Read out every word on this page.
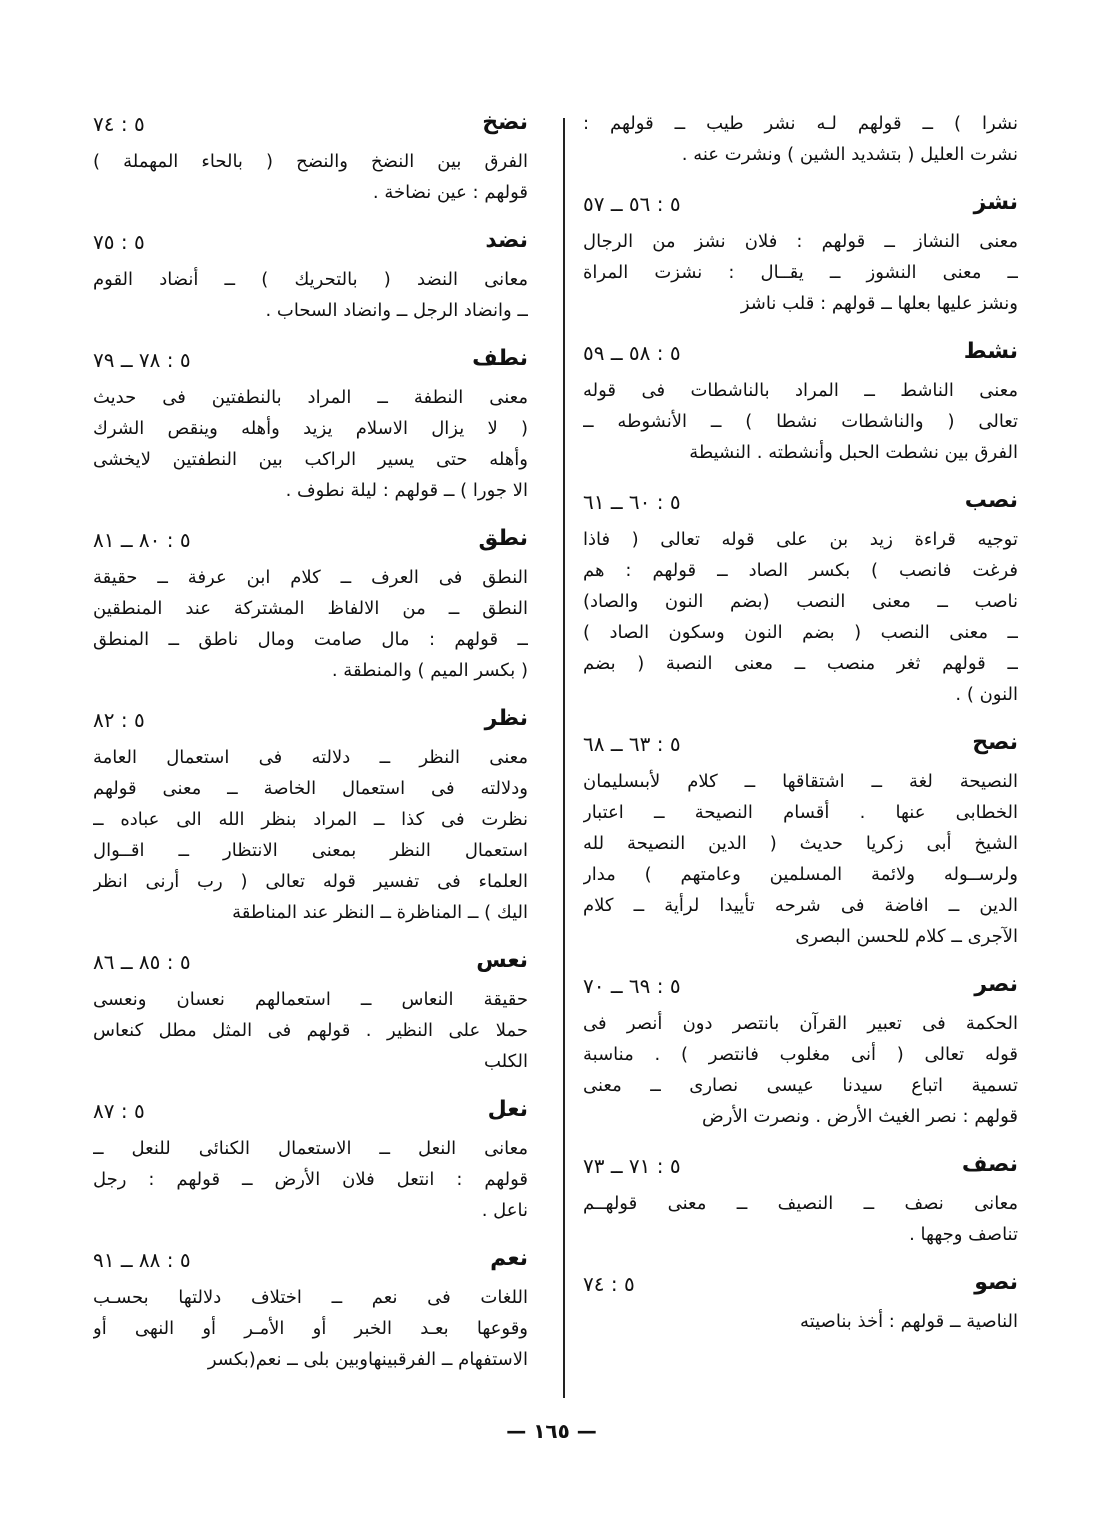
نشرا ) ــ قولهم لـه نشر طيب ــ قولهم :
نشرت العليل ( بتشديد الشين ) ونشرت عنه .
نشز
٥ : ٥٦ ــ ٥٧
معنى النشاز ــ قولهم : فلان نشز من الرجال
ــ معنى النشوز ــ يقــال : نشزت المراة
ونشز عليها بعلها ــ قولهم : قلب ناشز
نشط
٥ : ٥٨ ــ ٥٩
معنى الناشط ــ المراد بالناشطات فى قوله
تعالى ( والناشطات نشطا ) ــ الأنشوطه ــ
الفرق بين نشطت الحبل وأنشطته . النشيطة
نصب
٥ : ٦٠ ــ ٦١
توجيه قراءة زيد بن على قوله تعالى ( فاذا
فرغت فانصب ) بكسر الصاد ــ قولهم : هم
ناصب ــ معنى النصب (بضم النون والصاد)
ــ معنى النصب ( بضم النون وسكون الصاد )
ــ قولهم ثغر منصب ــ معنى النصبة ( بضم
النون ) .
نصح
٥ : ٦٣ ــ ٦٨
النصيحة لغة ــ اشتقاقها ــ كلام لأبىسليمان
الخطابى عنها . أقسام النصيحة ــ اعتبار
الشيخ أبى زكريا حديث ( الدين النصيحة لله
ولرســوله ولائمة المسلمين وعامتهم ) مدار
الدين ــ افاضة فى شرحه تأييدا لرأية ــ كلام
الآجرى ــ كلام للحسن البصرى
نصر
٥ : ٦٩ ــ ٧٠
الحكمة فى تعبير القرآن بانتصر دون أنصر فى
قوله تعالى ( أنى مغلوب فانتصر ) . مناسبة
تسمية اتباع سيدنا عيسى نصارى ــ معنى
قولهم : نصر الغيث الأرض . ونصرت الأرض
نصف
٥ : ٧١ ــ ٧٣
معانى نصف ــ النصيف ــ معنى قولهــم
تناصف وجهها .
نصو
٥ : ٧٤
الناصية ــ قولهم : أخذ بناصيته
نضخ
٥ : ٧٤
الفرق بين النضخ والنضح ( بالحاء المهملة )
قولهم : عين نضاخة .
نضد
٥ : ٧٥
معانى النضد ( بالتحريك ) ــ أنضاد القوم
ــ وانضاد الرجل ــ وانضاد السحاب .
نطف
٥ : ٧٨ ــ ٧٩
معنى النطفة ــ المراد بالنطفتين فى حديث
( لا يزال الاسلام يزيد وأهله وينقص الشرك
وأهله حتى يسير الراكب بين النطفتين لايخشى
الا جورا ) ــ قولهم : ليلة نطوف .
نطق
٥ : ٨٠ ــ ٨١
النطق فى العرف ــ كلام ابن عرفة ــ حقيقة
النطق ــ من الالفاظ المشتركة عند المنطقين
ــ قولهم : مال صامت ومال ناطق ــ المنطق
( بكسر الميم ) والمنطقة .
نظر
٥ : ٨٢
معنى النظر ــ دلالته فى استعمال العامة
ودلالته فى استعمال الخاصة ــ معنى قولهم
نظرت فى كذا ــ المراد بنظر الله الى عباده ــ
استعمال النظر بمعنى الانتظار ــ اقــوال
العلماء فى تفسير قوله تعالى ( رب أرنى انظر
اليك ) ــ المناظرة ــ النظر عند المناطقة
نعس
٥ : ٨٥ ــ ٨٦
حقيقة النعاس ــ استعمالهم نعسان ونعسى
حملا على النظير . قولهم فى المثل مطل كنعاس
الكلب
نعل
٥ : ٨٧
معانى النعل ــ الاستعمال الكنائى للنعل ــ
قولهم : انتعل فلان الأرض ــ قولهم : رجل
ناعل .
نعم
٥ : ٨٨ ــ ٩١
اللغات فى نعم ــ اختلاف دلالتها بحسـب
وقوعها بعـد الخبر أو الأمـر أو النهى أو
الاستفهام ــ الفرقبينهاوبين بلى ــ نعم(بكسر
— ١٦٥ —
